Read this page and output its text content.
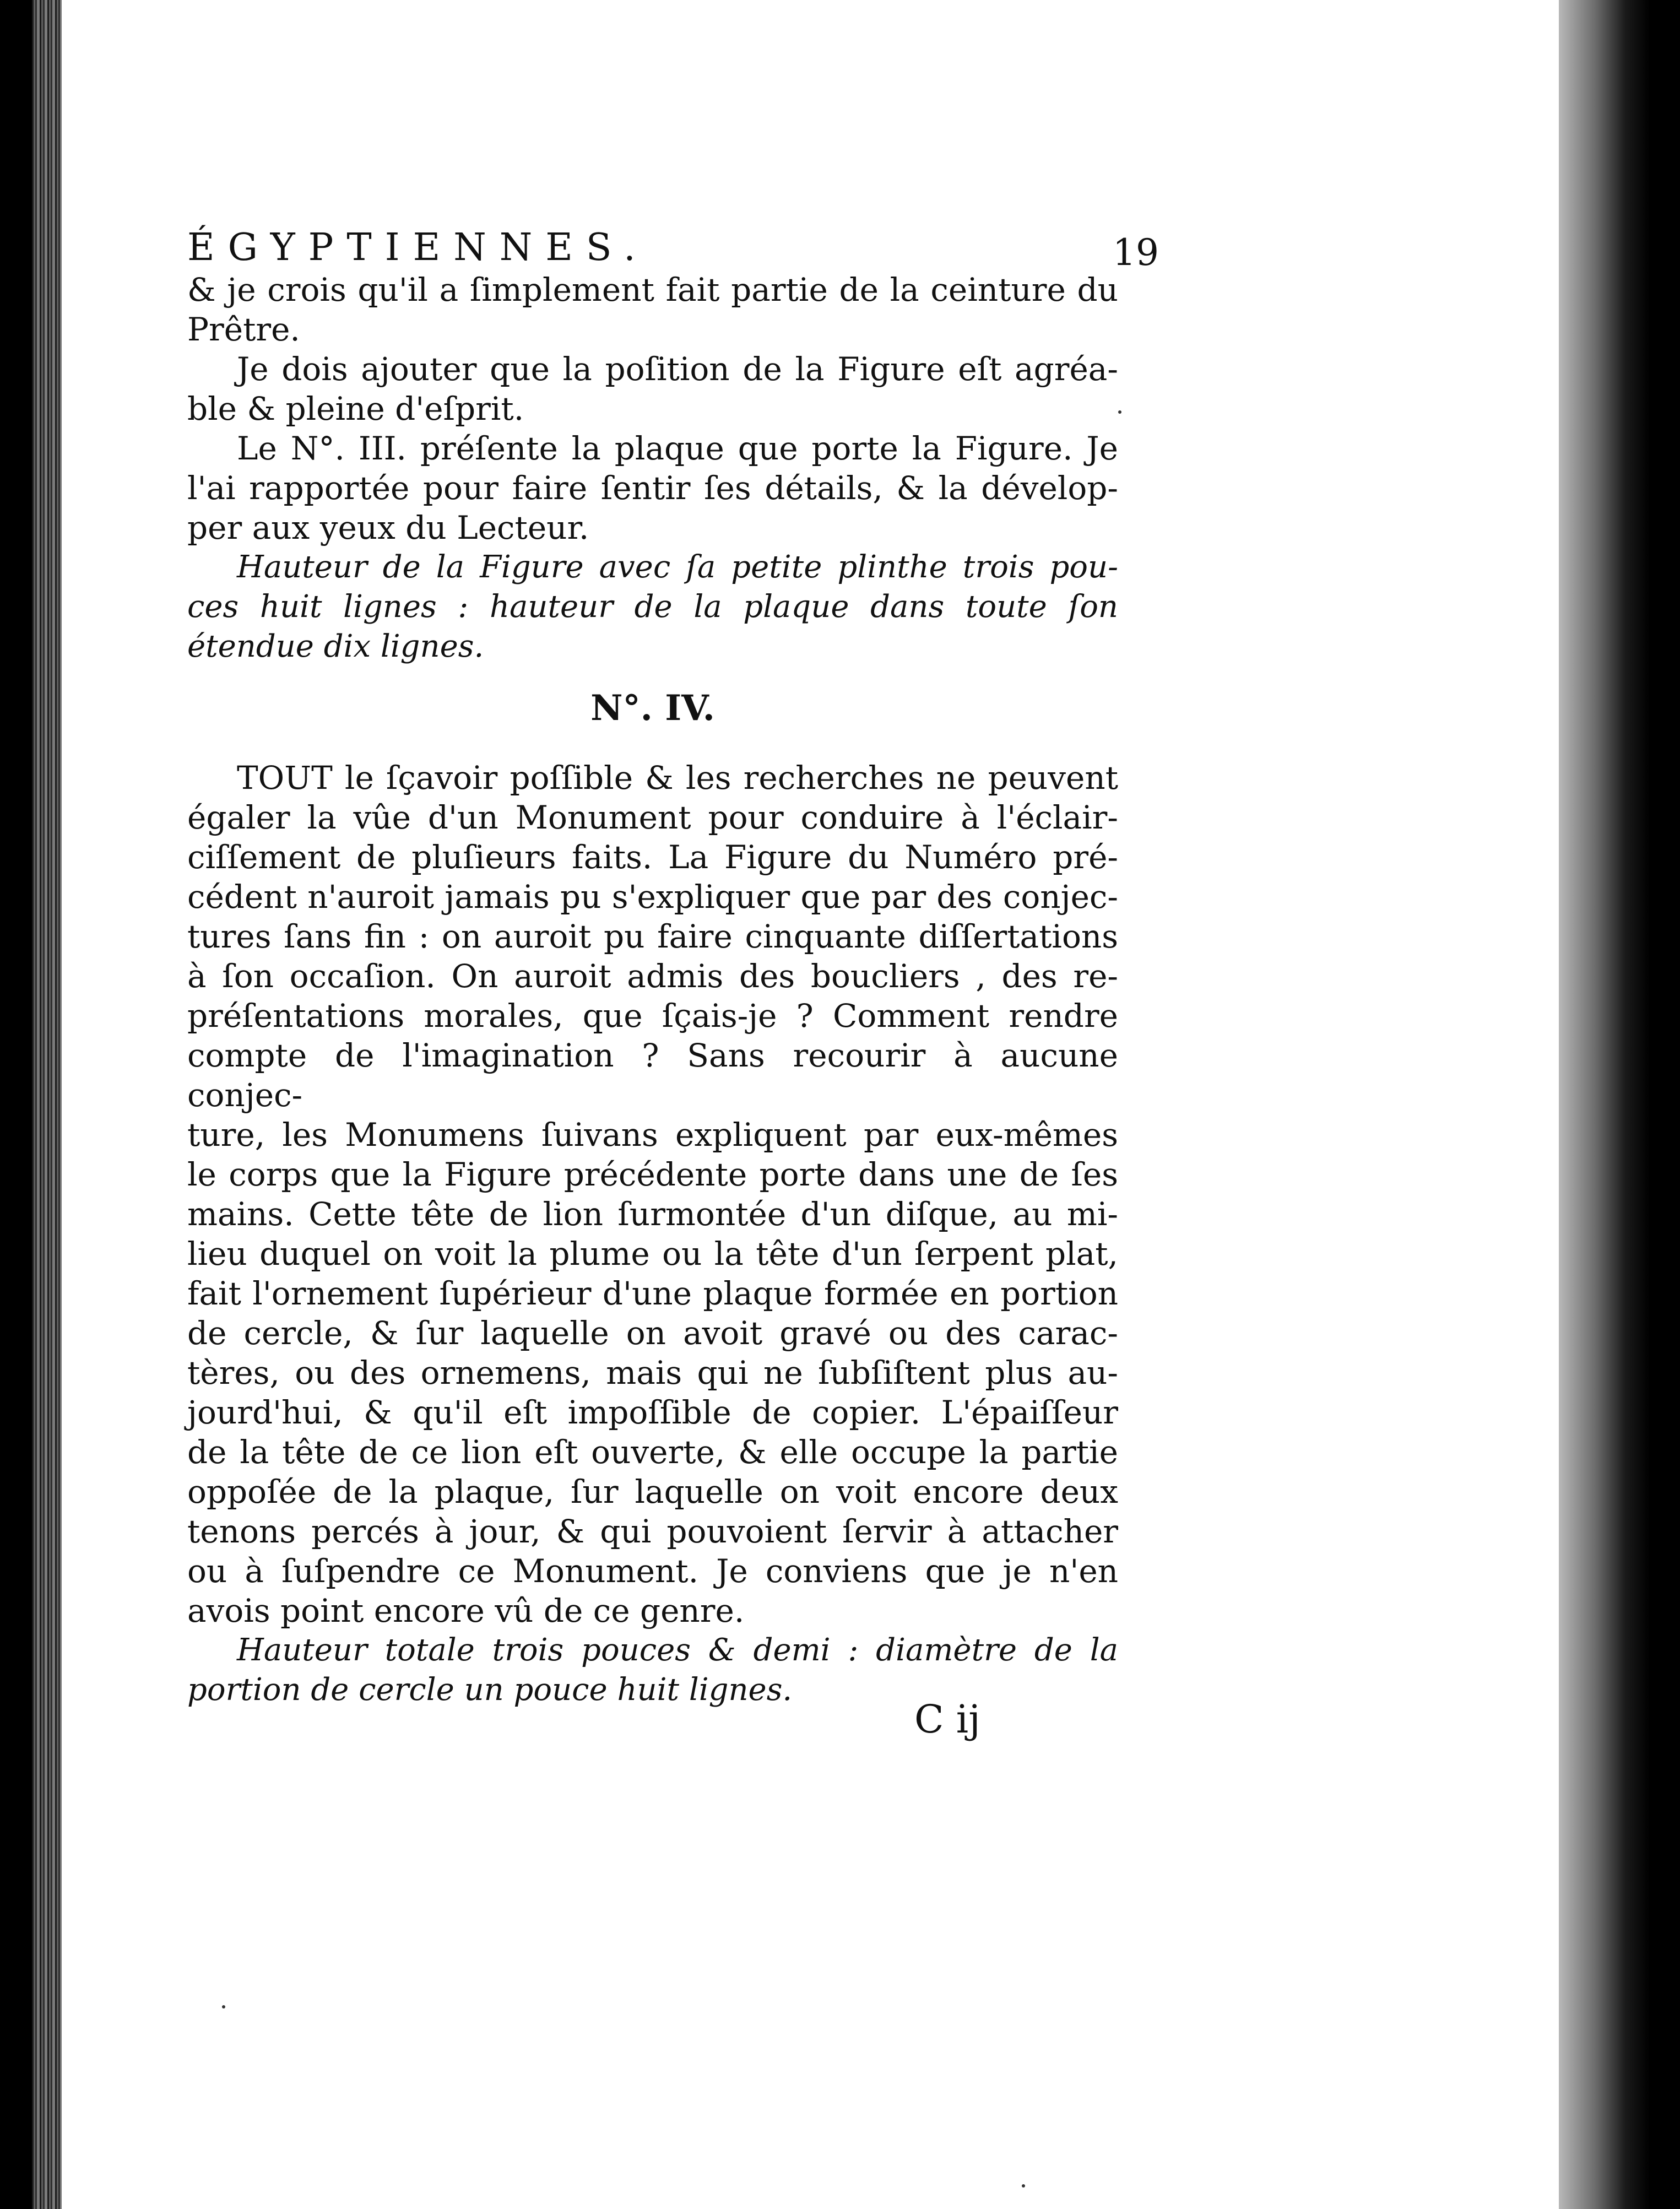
ÉGYPTIENNES.	19

& je crois qu'il a ſimplement fait partie de la ceinture du

Prêtre.

Je dois ajouter que la poſition de la Figure eſt agréa-

ble & pleine d'eſprit.

Le N°. III. préſente la plaque que porte la Figure. Je

l'ai rapportée pour faire ſentir ſes détails, & la dévelop-

per aux yeux du Lecteur.

Hauteur de la Figure avec ſa petite plinthe trois pou-

ces huit lignes : hauteur de la plaque dans toute ſon

étendue dix lignes.

N°. IV.

TOUT le ſçavoir poſſible & les recherches ne peuvent

égaler la vûe d'un Monument pour conduire à l'éclair-

ciſſement de pluſieurs faits. La Figure du Numéro pré-

cédent n'auroit jamais pu s'expliquer que par des conjec-

tures ſans fin : on auroit pu faire cinquante diſſertations

à ſon occaſion. On auroit admis des boucliers , des re-

préſentations morales, que ſçais-je ? Comment rendre

compte de l'imagination ? Sans recourir à aucune conjec-

ture, les Monumens ſuivans expliquent par eux-mêmes

le corps que la Figure précédente porte dans une de ſes

mains. Cette tête de lion ſurmontée d'un diſque, au mi-

lieu duquel on voit la plume ou la tête d'un ſerpent plat,

fait l'ornement ſupérieur d'une plaque formée en portion

de cercle, & ſur laquelle on avoit gravé ou des carac-

tères, ou des ornemens, mais qui ne ſubſiſtent plus au-

jourd'hui, & qu'il eſt impoſſible de copier. L'épaiſſeur

de la tête de ce lion eſt ouverte, & elle occupe la partie

oppoſée de la plaque, ſur laquelle on voit encore deux

tenons percés à jour, & qui pouvoient ſervir à attacher

ou à ſuſpendre ce Monument. Je conviens que je n'en

avois point encore vû de ce genre.

Hauteur totale trois pouces & demi : diamètre de la

portion de cercle un pouce huit lignes.

C ij
